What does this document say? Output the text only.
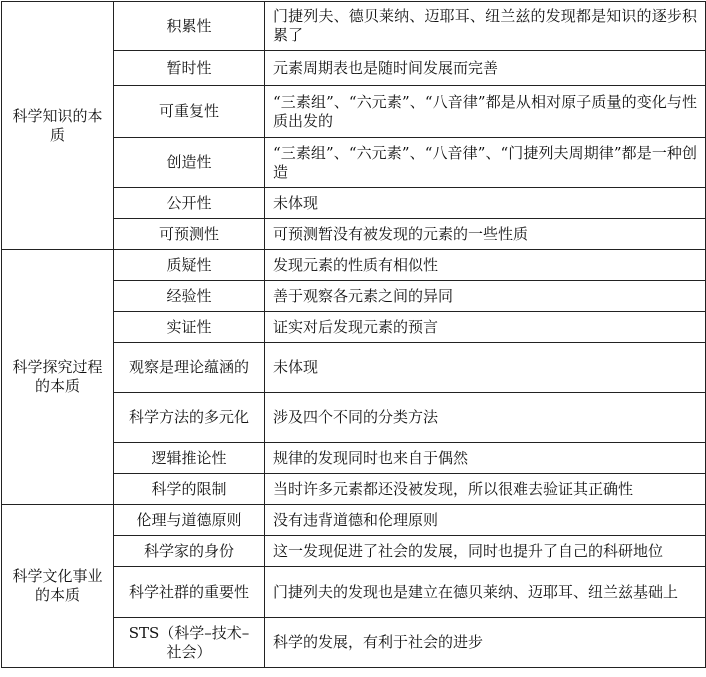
科学知识的本质	积累性	门捷列夫、德贝莱纳、迈耶耳、纽兰兹的发现都是知识的逐步积累了
	暂时性	元素周期表也是随时间发展而完善
	可重复性	“三素组”、“六元素”、“八音律”都是从相对原子质量的变化与性质出发的
	创造性	“三素组”、“六元素”、“八音律”、“门捷列夫周期律”都是一种创造
	公开性	未体现
	可预测性	可预测暂没有被发现的元素的一些性质
科学探究过程的本质	质疑性	发现元素的性质有相似性
	经验性	善于观察各元素之间的异同
	实证性	证实对后发现元素的预言
	观察是理论蕴涵的	未体现
	科学方法的多元化	涉及四个不同的分类方法
	逻辑推论性	规律的发现同时也来自于偶然
	科学的限制	当时许多元素都还没被发现，所以很难去验证其正确性
科学文化事业的本质	伦理与道德原则	没有违背道德和伦理原则
	科学家的身份	这一发现促进了社会的发展，同时也提升了自己的科研地位
	科学社群的重要性	门捷列夫的发现也是建立在德贝莱纳、迈耶耳、纽兰兹基础上
	STS（科学–技术–社会）	科学的发展，有利于社会的进步
